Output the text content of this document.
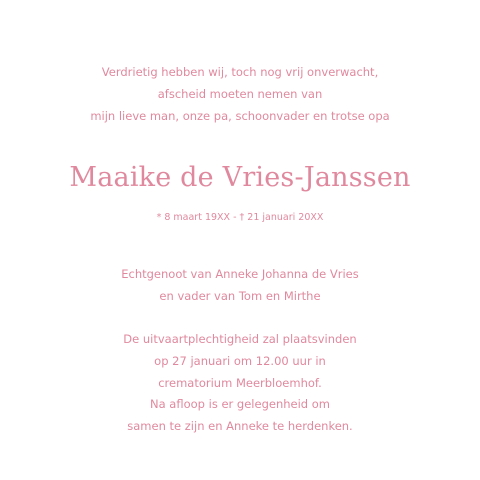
Verdrietig hebben wij, toch nog vrij onverwacht,
afscheid moeten nemen van
mijn lieve man, onze pa, schoonvader en trotse opa
Maaike de Vries-Janssen
* 8 maart 19XX - † 21 januari 20XX
Echtgenoot van Anneke Johanna de Vries
en vader van Tom en Mirthe
De uitvaartplechtigheid zal plaatsvinden
op 27 januari om 12.00 uur in
crematorium Meerbloemhof.
Na afloop is er gelegenheid om
samen te zijn en Anneke te herdenken.
